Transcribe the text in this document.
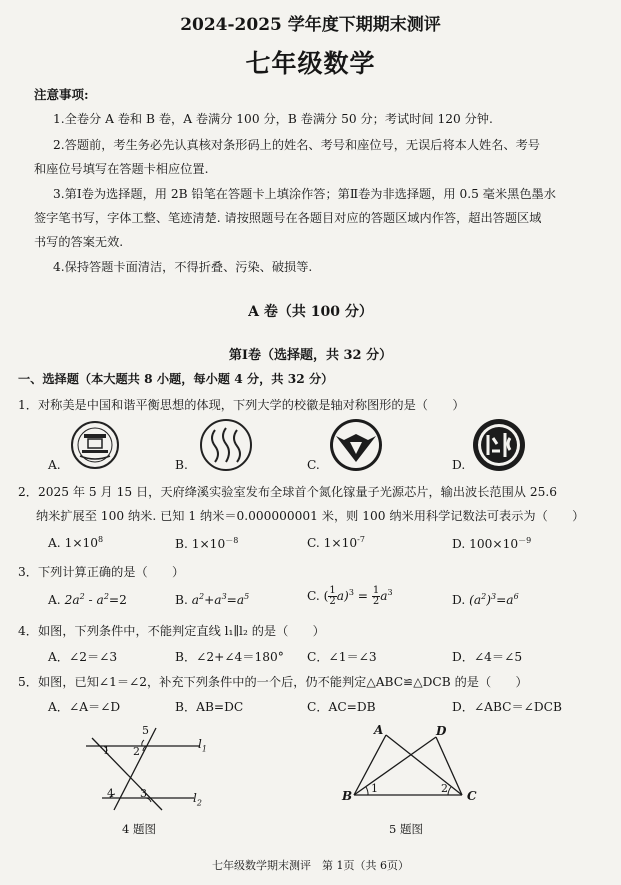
2024-2025 学年度下期期末测评
七年级数学
注意事项:
1.全卷分 A 卷和 B 卷，A 卷满分 100 分，B 卷满分 50 分；考试时间 120 分钟.
2.答题前，考生务必先认真核对条形码上的姓名、考号和座位号，无误后将本人姓名、考号
和座位号填写在答题卡相应位置.
3.第Ⅰ卷为选择题，用 2B 铅笔在答题卡上填涂作答；第Ⅱ卷为非选择题，用 0.5 毫米黑色墨水
签字笔书写，字体工整、笔迹清楚. 请按照题号在各题目对应的答题区域内作答，超出答题区域
书写的答案无效.
4.保持答题卡面清洁，不得折叠、污染、破损等.
A 卷（共 100 分）
第Ⅰ卷（选择题，共 32 分）
一、选择题（本大题共 8 小题，每小题 4 分，共 32 分）
1．对称美是中国和谐平衡思想的体现，下列大学的校徽是轴对称图形的是（　　）
A.	B.	C.	D.
2．2025 年 5 月 15 日，天府绛溪实验室发布全球首个氮化镓量子光源芯片，输出波长范围从 25.6
纳米扩展至 100 纳米. 已知 1 纳米＝0.000000001 米，则 100 纳米用科学记数法可表示为（　　）
A. $1\times 10^8$	B. $1\times 10^{-8}$	C. $1\times 10^{-7}$	D. $100\times 10^{-9}$
3．下列计算正确的是（　　）
A. $2a^2 - a^2=2$	B. $a^2+a^3=a^5$	C. ( $\frac{1}{2} a)^3 = \frac{1}{2} a^3$
D. $(a^2)^3=a^6$
4．如图，下列条件中，不能判定直线 l₁∥l₂ 的是（　　）
A．∠2＝∠3	B．∠2+∠4＝180° C．∠1＝∠3	D．∠4＝∠5
5．如图，已知∠1＝∠2，补充下列条件中的一个后，仍不能判定△ABC≌△DCB 的是（　　）
A．∠A＝∠D	B．AB=DC	C．AC=DB	D．∠ABC＝∠DCB
1 2
5
4 3
$l_1$
$l_2$
4 题图
A	D
B	C
1	2
5 题图
七年级数学期末测评　第 1页（共 6页）
